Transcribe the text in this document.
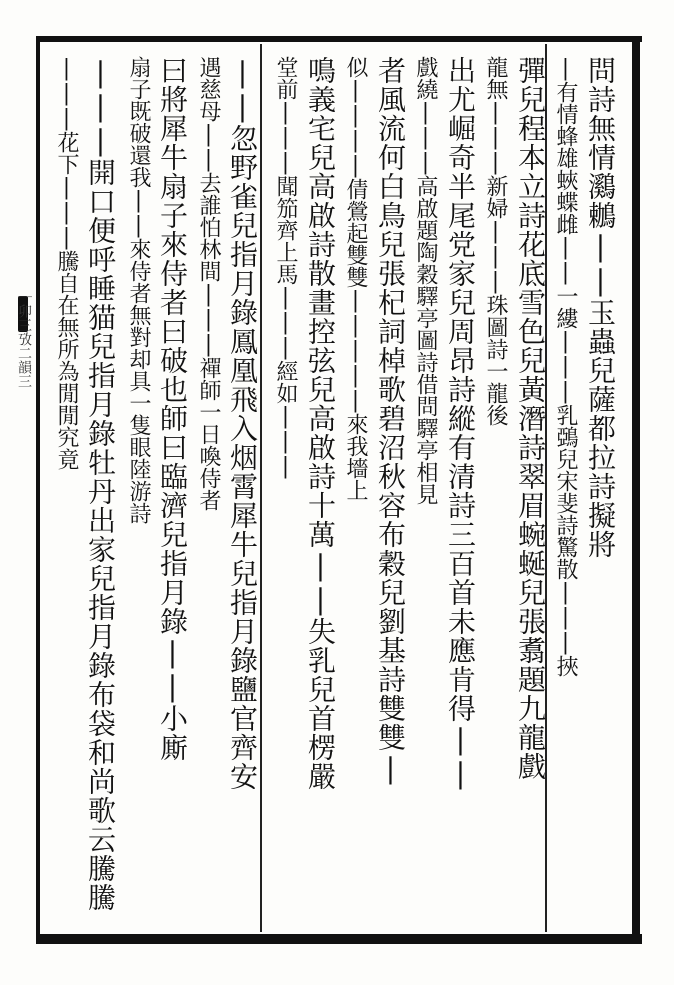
｜卯三攷二韻三	問詩無情鸂鶒||玉蟲兒薩都拉詩擬將
|有情蜂雄蛺蝶雌||一縷|||乳鵶兒宋斐詩驚散|||挾
彈兒程本立詩花底雪色兒黃潛詩翠眉蜿蜒兒張翥題九龍戲
龍無|||新婦|||珠圖詩一龍後
出尤崛奇半尾党家兒周昂詩縱有清詩三百首未應肯得||
戲繞|||高啟題陶穀驛亭圖詩借問驛亭相見
者風流何白鳥兒張杞詞棹歌碧沼秋容布穀兒劉基詩雙雙|
似||||倩鶯起雙雙|||||來我墻上
鳴義宅兒高啟詩散畫控弦兒高啟詩十萬||失乳兒首楞嚴
堂前|||聞笳齊上馬|||經如|||
||忽野雀兒指月錄鳳凰飛入烟霄犀牛兒指月錄鹽官齊安
遇慈母||去誰怕林間|||禪師一日喚侍者
曰將犀牛扇子來侍者曰破也師曰臨濟兒指月錄||小廝
扇子既破還我||來侍者無對却具一隻眼陸游詩
|||開口便呼睡猫兒指月錄牡丹出家兒指月錄布袋和尚歌云騰騰
|||花下|||騰自在無所為閒閒究竟
